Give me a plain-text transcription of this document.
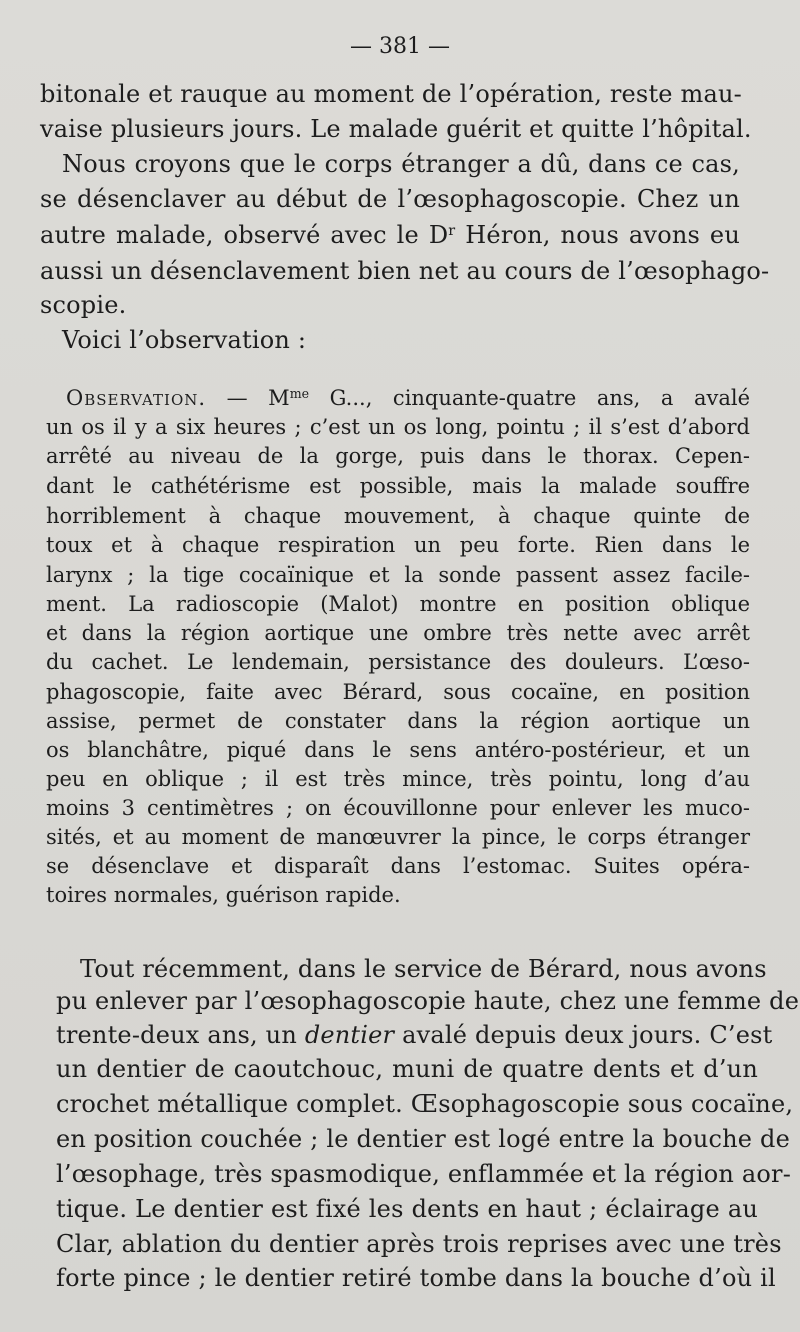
— 381 —
bitonale et rauque au moment de l’opération, reste mau-
vaise plusieurs jours. Le malade guérit et quitte l’hôpital.
Nous croyons que le corps étranger a dû, dans ce cas,
se désenclaver au début de l’œsophagoscopie. Chez un
autre malade, observé avec le $D^r$ Héron, nous avons eu
aussi un désenclavement bien net au cours de l’œsophago-
scopie.
Voici l’observation :
Observation. — $M^{me}$ G..., cinquante-quatre ans, a avalé
un os il y a six heures ; c’est un os long, pointu ; il s’est d’abord
arrêté au niveau de la gorge, puis dans le thorax. Cepen-
dant le cathétérisme est possible, mais la malade souffre
horriblement à chaque mouvement, à chaque quinte de
toux et à chaque respiration un peu forte. Rien dans le
larynx ; la tige cocaïnique et la sonde passent assez facile-
ment. La radioscopie (Malot) montre en position oblique
et dans la région aortique une ombre très nette avec arrêt
du cachet. Le lendemain, persistance des douleurs. L’œso-
phagoscopie, faite avec Bérard, sous cocaïne, en position
assise, permet de constater dans la région aortique un
os blanchâtre, piqué dans le sens antéro-postérieur, et un
peu en oblique ; il est très mince, très pointu, long d’au
moins 3 centimètres ; on écouvillonne pour enlever les muco-
sités, et au moment de manœuvrer la pince, le corps étranger
se désenclave et disparaît dans l’estomac. Suites opéra-
toires normales, guérison rapide.
Tout récemment, dans le service de Bérard, nous avons
pu enlever par l’œsophagoscopie haute, chez une femme de
trente-deux ans, un dentier avalé depuis deux jours. C’est
un dentier de caoutchouc, muni de quatre dents et d’un
crochet métallique complet. Œsophagoscopie sous cocaïne,
en position couchée ; le dentier est logé entre la bouche de
l’œsophage, très spasmodique, enflammée et la région aor-
tique. Le dentier est fixé les dents en haut ; éclairage au
Clar, ablation du dentier après trois reprises avec une très
forte pince ; le dentier retiré tombe dans la bouche d’où il
